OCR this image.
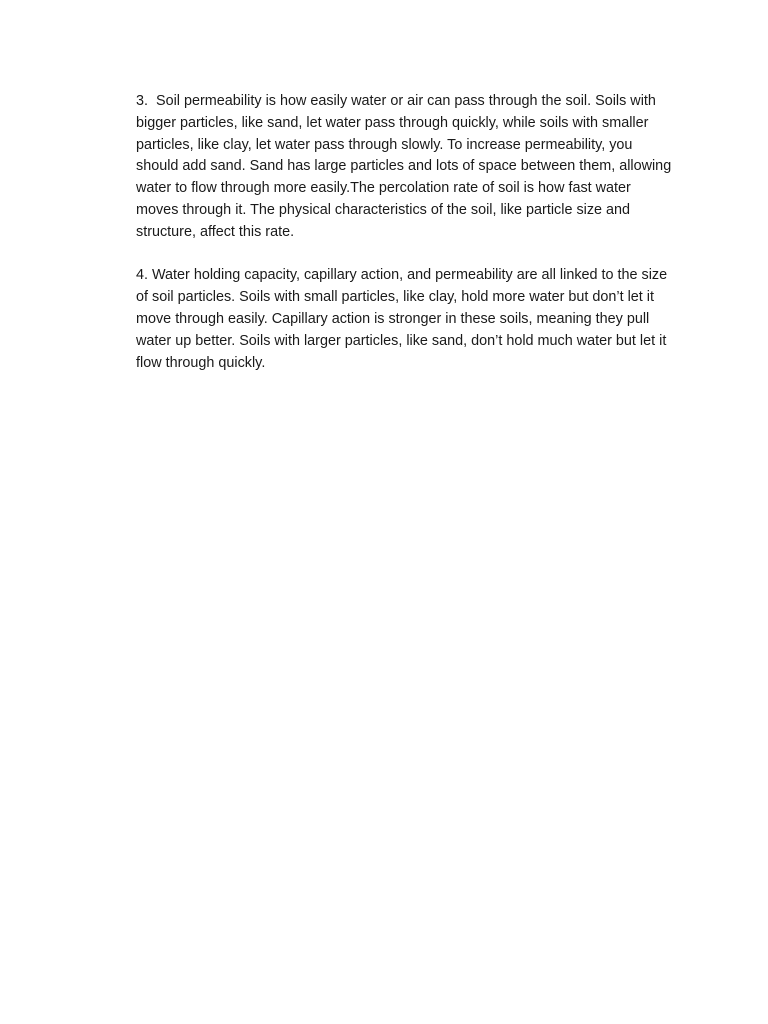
3.  Soil permeability is how easily water or air can pass through the soil. Soils with bigger particles, like sand, let water pass through quickly, while soils with smaller particles, like clay, let water pass through slowly. To increase permeability, you should add sand. Sand has large particles and lots of space between them, allowing water to flow through more easily.The percolation rate of soil is how fast water moves through it. The physical characteristics of the soil, like particle size and structure, affect this rate.

4. Water holding capacity, capillary action, and permeability are all linked to the size of soil particles. Soils with small particles, like clay, hold more water but don’t let it move through easily. Capillary action is stronger in these soils, meaning they pull water up better. Soils with larger particles, like sand, don’t hold much water but let it flow through quickly.
